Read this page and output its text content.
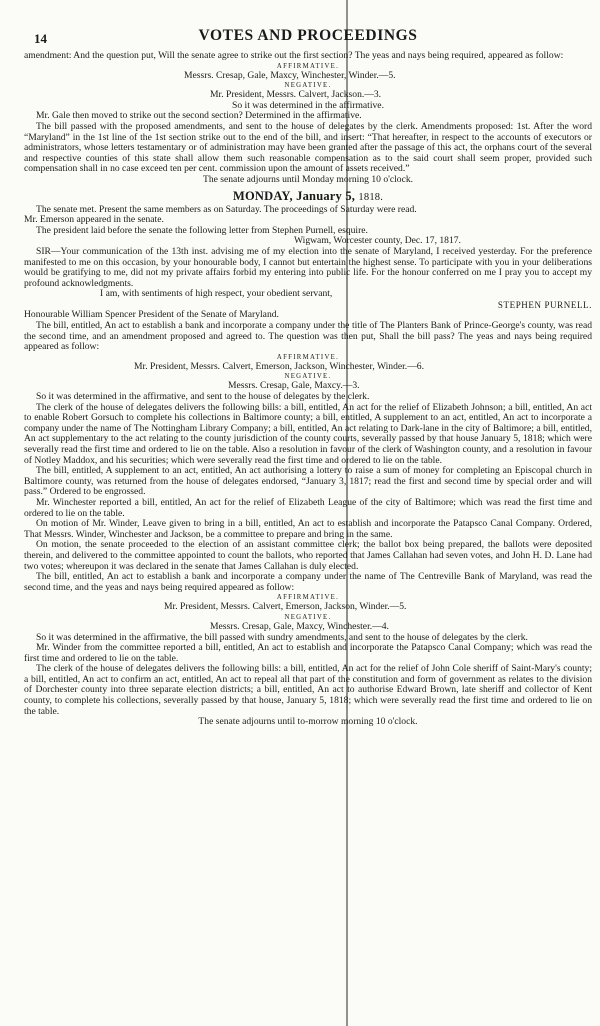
14	VOTES AND PROCEEDINGS

amendment: And the question put, Will the senate agree to strike out the first section? The yeas and nays being required, appeared as follow:

AFFIRMATIVE.
Messrs. Cresap, Gale, Maxcy, Winchester, Winder.—5.
NEGATIVE.
Mr. President, Messrs. Calvert, Jackson.—3.
So it was determined in the affirmative.

Mr. Gale then moved to strike out the second section? Determined in the affirmative.

The bill passed with the proposed amendments, and sent to the house of delegates by the clerk. Amendments proposed: 1st. After the word “Maryland” in the 1st line of the 1st section strike out to the end of the bill, and insert: “That hereafter, in respect to the accounts of executors or administrators, whose letters testamentary or of administration may have been granted after the passage of this act, the orphans court of the several and respective counties of this state shall allow them such reasonable compensation as to the said court shall seem proper, provided such compensation shall in no case exceed ten per cent. commission upon the amount of assets received.”

The senate adjourns until Monday morning 10 o'clock.
MONDAY, January 5, 1818.

The senate met. Present the same members as on Saturday. The proceedings of Saturday were read.

Mr. Emerson appeared in the senate.

The president laid before the senate the following letter from Stephen Purnell, esquire.

Wigwam, Worcester county, Dec. 17, 1817.

SIR—Your communication of the 13th inst. advising me of my election into the senate of Maryland, I received yesterday. For the preference manifested to me on this occasion, by your honourable body, I cannot but entertain the highest sense. To participate with you in your deliberations would be gratifying to me, did not my private affairs forbid my entering into public life. For the honour conferred on me I pray you to accept my profound acknowledgments.

I am, with sentiments of high respect, your obedient servant,

STEPHEN PURNELL.

Honourable William Spencer President of the Senate of Maryland.

The bill, entitled, An act to establish a bank and incorporate a company under the title of The Planters Bank of Prince-George's county, was read the second time, and an amendment proposed and agreed to. The question was then put, Shall the bill pass? The yeas and nays being required appeared as follow:

AFFIRMATIVE.
Mr. President, Messrs. Calvert, Emerson, Jackson, Winchester, Winder.—6.
NEGATIVE.
Messrs. Cresap, Gale, Maxcy.—3.

So it was determined in the affirmative, and sent to the house of delegates by the clerk.

The clerk of the house of delegates delivers the following bills: a bill, entitled, An act for the relief of Elizabeth Johnson; a bill, entitled, An act to enable Robert Gorsuch to complete his collections in Baltimore county; a bill, entitled, A supplement to an act, entitled, An act to incorporate a company under the name of The Nottingham Library Company; a bill, entitled, An act relating to Dark-lane in the city of Baltimore; a bill, entitled, An act supplementary to the act relating to the county jurisdiction of the county courts, severally passed by that house January 5, 1818; which were severally read the first time and ordered to lie on the table. Also a resolution in favour of the clerk of Washington county, and a resolution in favour of Notley Maddox, and his securities; which were severally read the first time and ordered to lie on the table.

The bill, entitled, A supplement to an act, entitled, An act authorising a lottery to raise a sum of money for completing an Episcopal church in Baltimore county, was returned from the house of delegates endorsed, “January 3, 1817; read the first and second time by special order and will pass.” Ordered to be engrossed.

Mr. Winchester reported a bill, entitled, An act for the relief of Elizabeth League of the city of Baltimore; which was read the first time and ordered to lie on the table.

On motion of Mr. Winder, Leave given to bring in a bill, entitled, An act to establish and incorporate the Patapsco Canal Company. Ordered, That Messrs. Winder, Winchester and Jackson, be a committee to prepare and bring in the same.

On motion, the senate proceeded to the election of an assistant committee clerk; the ballot box being prepared, the ballots were deposited therein, and delivered to the committee appointed to count the ballots, who reported that James Callahan had seven votes, and John H. D. Lane had two votes; whereupon it was declared in the senate that James Callahan is duly elected.

The bill, entitled, An act to establish a bank and incorporate a company under the name of The Centreville Bank of Maryland, was read the second time, and the yeas and nays being required appeared as follow:

AFFIRMATIVE.
Mr. President, Messrs. Calvert, Emerson, Jackson, Winder.—5.
NEGATIVE.
Messrs. Cresap, Gale, Maxcy, Winchester.—4.

So it was determined in the affirmative, the bill passed with sundry amendments, and sent to the house of delegates by the clerk.

Mr. Winder from the committee reported a bill, entitled, An act to establish and incorporate the Patapsco Canal Company; which was read the first time and ordered to lie on the table.

The clerk of the house of delegates delivers the following bills: a bill, entitled, An act for the relief of John Cole sheriff of Saint-Mary's county; a bill, entitled, An act to confirm an act, entitled, An act to repeal all that part of the constitution and form of government as relates to the division of Dorchester county into three separate election districts; a bill, entitled, An act to authorise Edward Brown, late sheriff and collector of Kent county, to complete his collections, severally passed by that house, January 5, 1818; which were severally read the first time and ordered to lie on the table.

The senate adjourns until to-morrow morning 10 o'clock.
